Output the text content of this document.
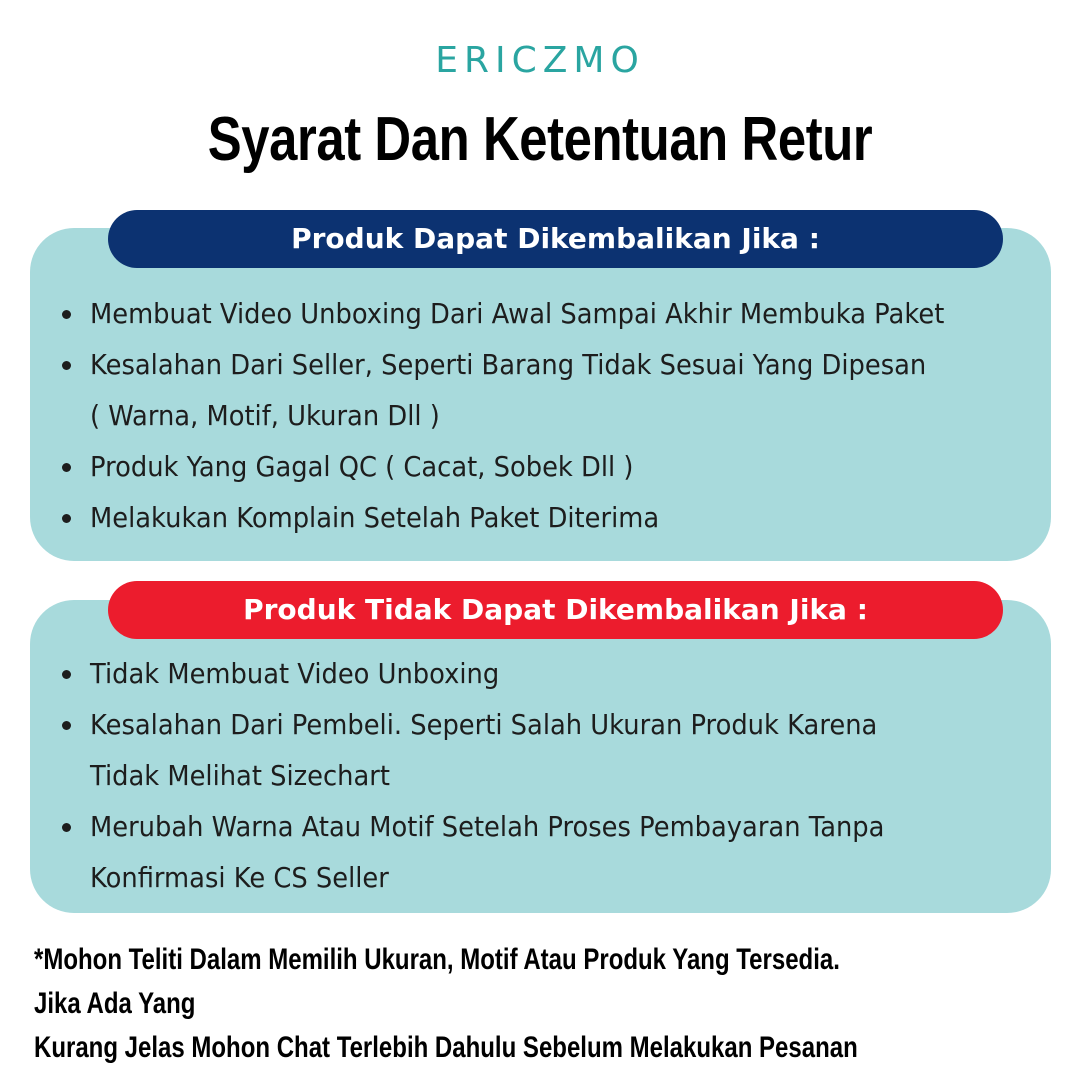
ERICZMO
Syarat Dan Ketentuan Retur
Produk Dapat Dikembalikan Jika :
Membuat Video Unboxing Dari Awal Sampai Akhir Membuka Paket
Kesalahan Dari Seller, Seperti Barang Tidak Sesuai Yang Dipesan
( Warna, Motif, Ukuran Dll )
Produk Yang Gagal QC ( Cacat, Sobek Dll )
Melakukan Komplain Setelah Paket Diterima
Produk Tidak Dapat Dikembalikan Jika :
Tidak Membuat Video Unboxing
Kesalahan Dari Pembeli. Seperti Salah Ukuran Produk Karena
Tidak Melihat Sizechart
Merubah Warna Atau Motif Setelah Proses Pembayaran Tanpa
Konfirmasi Ke CS Seller
*Mohon Teliti Dalam Memilih Ukuran, Motif Atau Produk Yang Tersedia. Jika Ada Yang
Kurang Jelas Mohon Chat Terlebih Dahulu Sebelum Melakukan Pesanan
